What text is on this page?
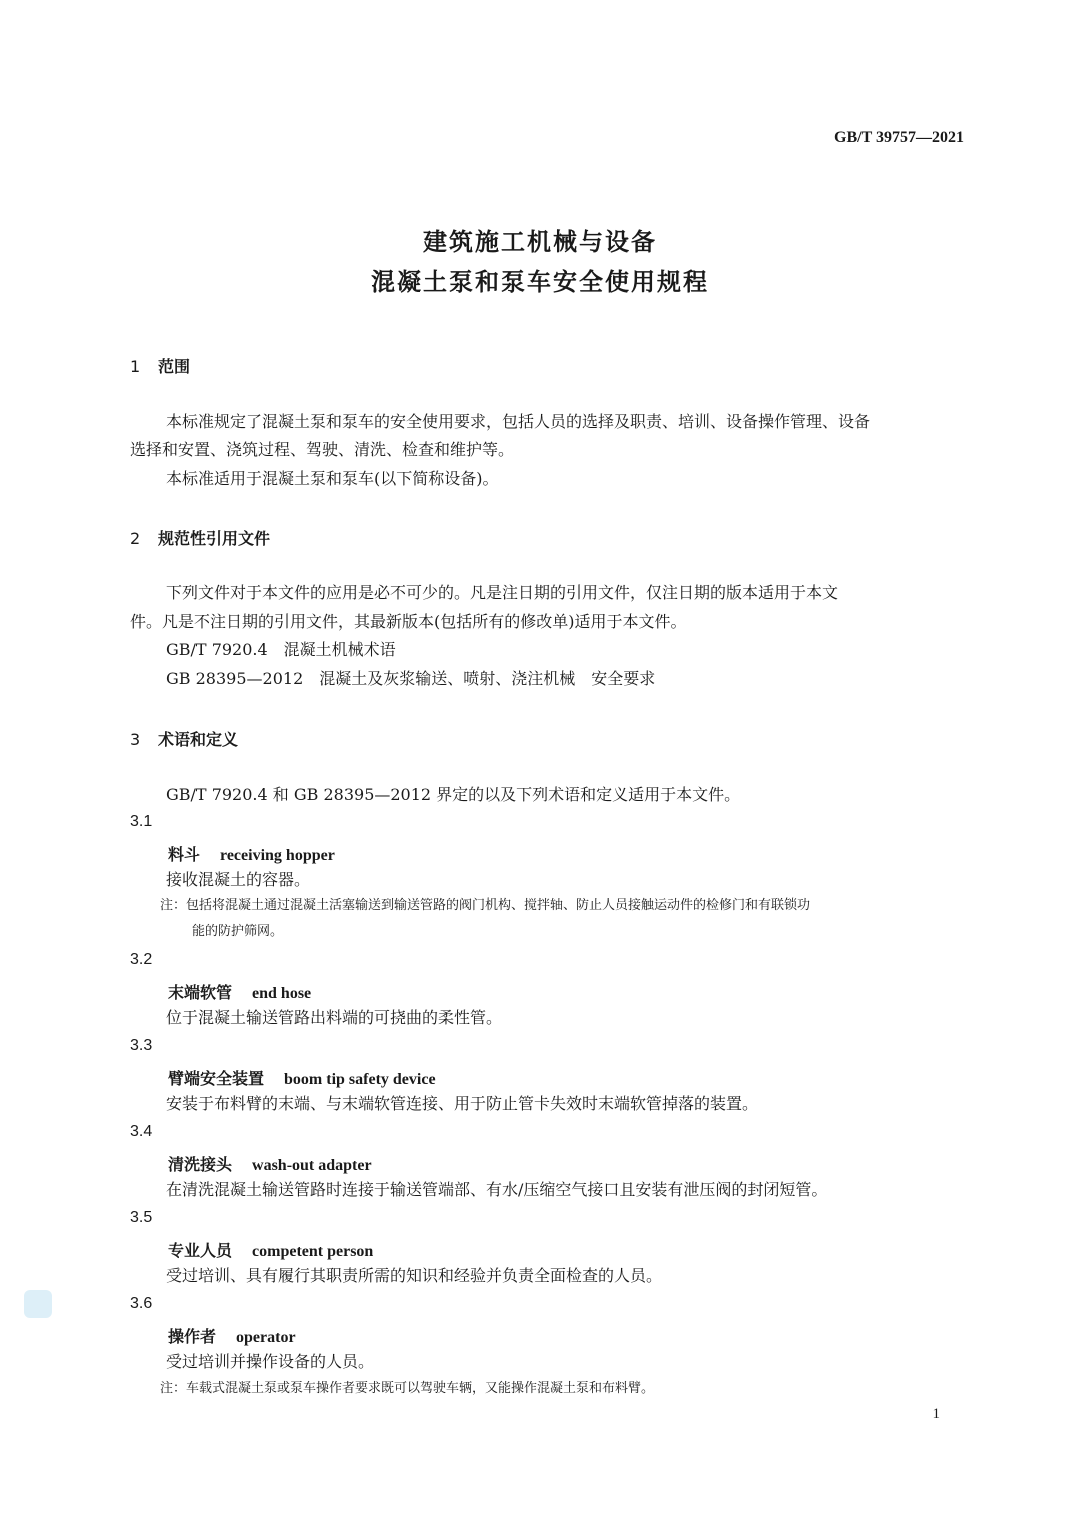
GB/T 39757—2021
建筑施工机械与设备
混凝土泵和泵车安全使用规程
1 范围
本标准规定了混凝土泵和泵车的安全使用要求，包括人员的选择及职责、培训、设备操作管理、设备
选择和安置、浇筑过程、驾驶、清洗、检查和维护等。
本标准适用于混凝土泵和泵车(以下简称设备)。
2 规范性引用文件
下列文件对于本文件的应用是必不可少的。凡是注日期的引用文件，仅注日期的版本适用于本文
件。凡是不注日期的引用文件，其最新版本(包括所有的修改单)适用于本文件。
GB/T 7920.4　混凝土机械术语
GB 28395—2012　混凝土及灰浆输送、喷射、浇注机械　安全要求
3 术语和定义
GB/T 7920.4 和 GB 28395—2012 界定的以及下列术语和定义适用于本文件。
3.1
料斗 receiving hopper
接收混凝土的容器。
注：包括将混凝土通过混凝土活塞输送到输送管路的阀门机构、搅拌轴、防止人员接触运动件的检修门和有联锁功
能的防护筛网。
3.2
末端软管 end hose
位于混凝土输送管路出料端的可挠曲的柔性管。
3.3
臂端安全装置 boom tip safety device
安装于布料臂的末端、与末端软管连接、用于防止管卡失效时末端软管掉落的装置。
3.4
清洗接头 wash-out adapter
在清洗混凝土输送管路时连接于输送管端部、有水/压缩空气接口且安装有泄压阀的封闭短管。
3.5
专业人员 competent person
受过培训、具有履行其职责所需的知识和经验并负责全面检查的人员。
3.6
操作者 operator
受过培训并操作设备的人员。
注：车载式混凝土泵或泵车操作者要求既可以驾驶车辆，又能操作混凝土泵和布料臂。
1
